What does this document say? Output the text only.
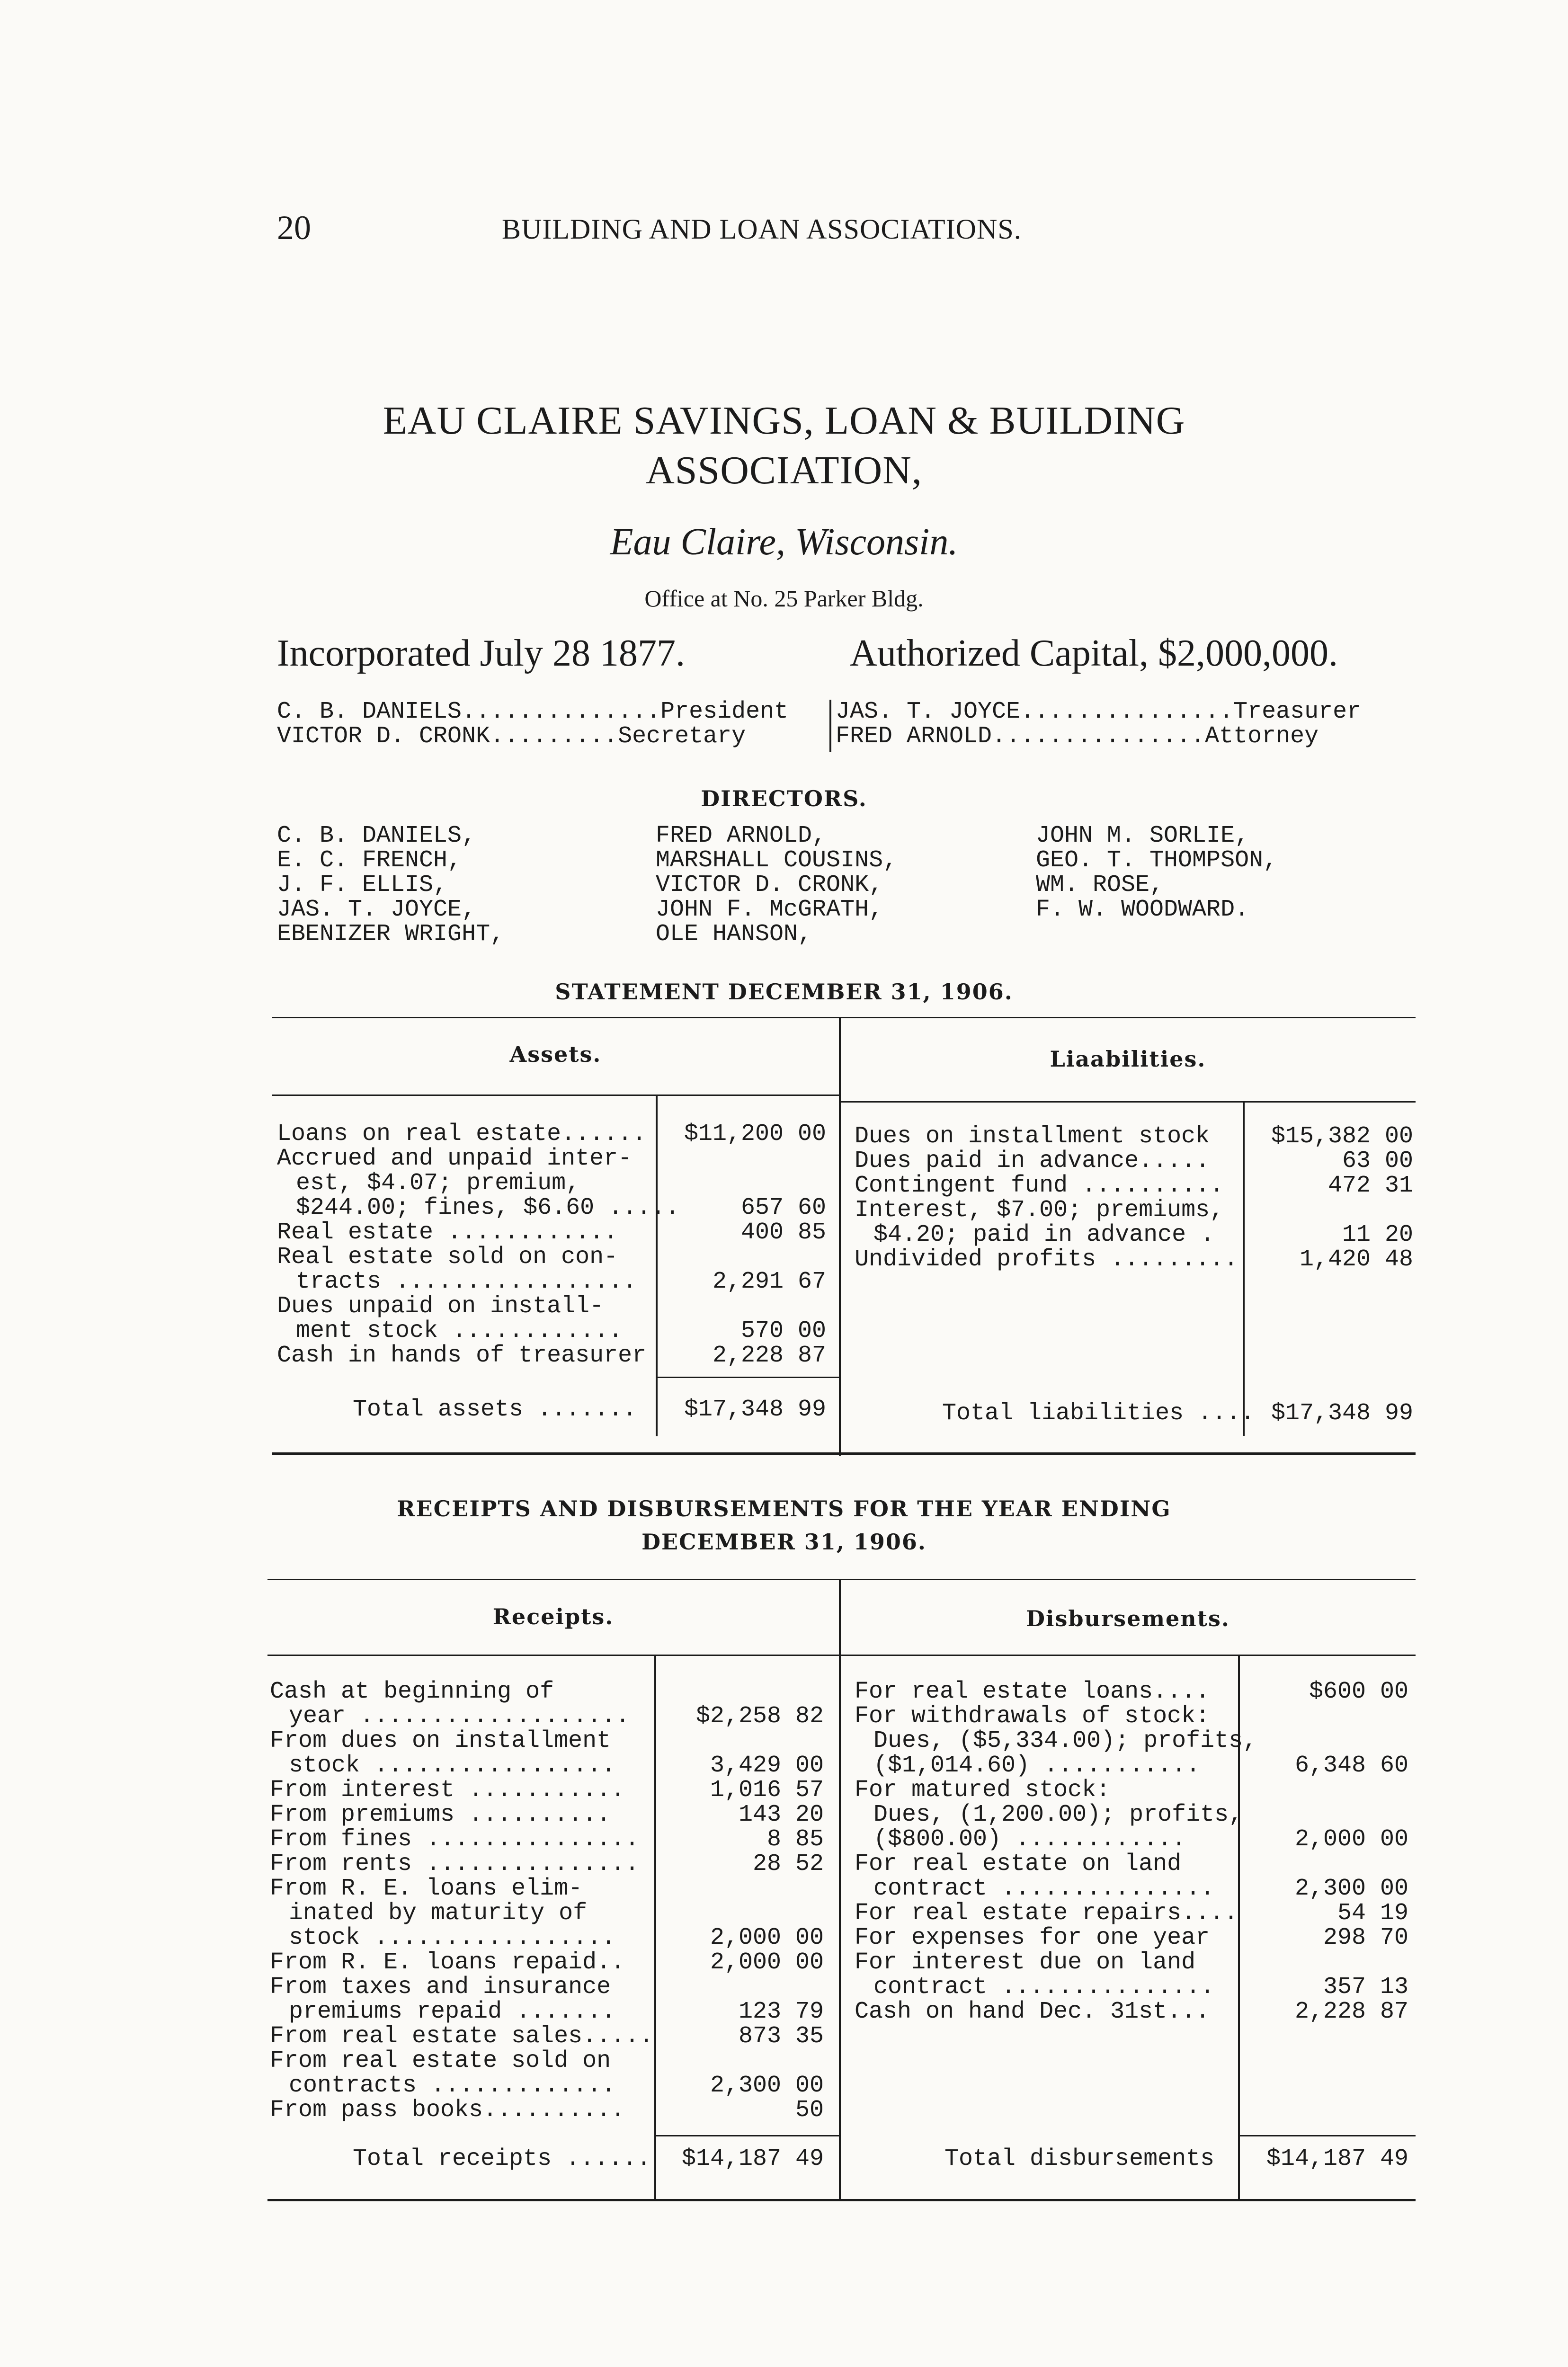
20	BUILDING AND LOAN ASSOCIATIONS.
EAU CLAIRE SAVINGS, LOAN & BUILDING
ASSOCIATION,
Eau Claire, Wisconsin.
Office at No. 25 Parker Bldg.
Incorporated July 28 1877.	Authorized Capital, $2,000,000.
C. B. DANIELS..............President
VICTOR D. CRONK.........Secretary
JAS. T. JOYCE...............Treasurer
FRED ARNOLD...............Attorney
DIRECTORS.
C. B. DANIELS,
E. C. FRENCH,
J. F. ELLIS,
JAS. T. JOYCE,
EBENIZER WRIGHT,
FRED ARNOLD,
MARSHALL COUSINS,
VICTOR D. CRONK,
JOHN F. McGRATH,
OLE HANSON,
JOHN M. SORLIE,
GEO. T. THOMPSON,
WM. ROSE,
F. W. WOODWARD.
STATEMENT DECEMBER 31, 1906.
Assets.	Liaabilities.
Loans on real estate......	$11,200 00
Accrued and unpaid inter-
est, $4.07; premium,
$244.00; fines, $6.60 .....	657 60
Real estate ............	400 85
Real estate sold on con-
tracts .................	2,291 67
Dues unpaid on install-
ment stock ............	570 00
Cash in hands of treasurer	2,228 87
Dues on installment stock	$15,382 00
Dues paid in advance.....	63 00
Contingent fund ..........	472 31
Interest, $7.00; premiums,
$4.20; paid in advance .	11 20
Undivided profits .........	1,420 48
Total assets .......	$17,348 99	Total liabilities .... $17,348 99
RECEIPTS AND DISBURSEMENTS FOR THE YEAR ENDING
DECEMBER 31, 1906.
Receipts.	Disbursements.
Cash at beginning of
year ...................	$2,258 82
From dues on installment
stock .................	3,429 00
From interest ...........	1,016 57
From premiums ..........	143 20
From fines ...............	8 85
From rents ...............	28 52
From R. E. loans elim-
inated by maturity of
stock .................	2,000 00
From R. E. loans repaid..	2,000 00
From taxes and insurance
premiums repaid .......	123 79
From real estate sales.....	873 35
From real estate sold on
contracts .............	2,300 00
From pass books..........	50
For real estate loans....	$600 00
For withdrawals of stock:
Dues, ($5,334.00); profits,
($1,014.60) ...........	6,348 60
For matured stock:
Dues, (1,200.00); profits,
($800.00) ............	2,000 00
For real estate on land
contract ...............	2,300 00
For real estate repairs....	54 19
For expenses for one year	298 70
For interest due on land
contract ...............	357 13
Cash on hand Dec. 31st...	2,228 87
Total receipts ......	$14,187 49	Total disbursements	$14,187 49
